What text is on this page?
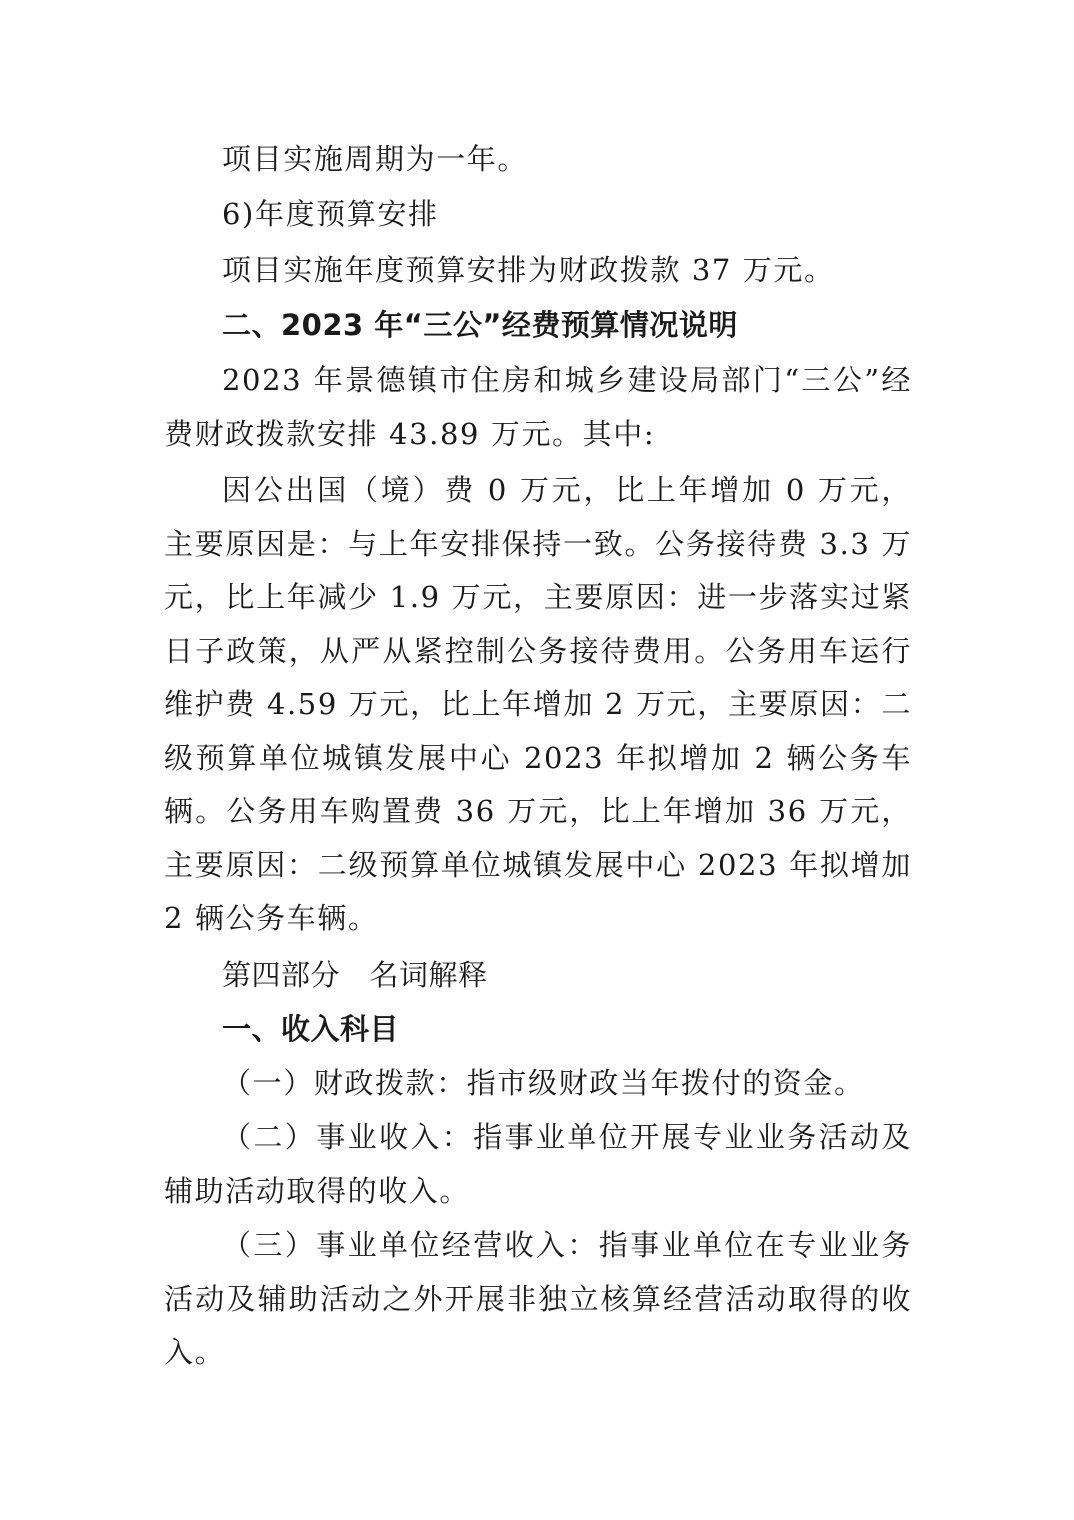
项目实施周期为一年。

6)年度预算安排

项目实施年度预算安排为财政拨款 37 万元。

二、2023 年“三公”经费预算情况说明

2023 年景德镇市住房和城乡建设局部门“三公”经费财政拨款安排 43.89 万元。其中:

因公出国（境）费 0 万元，比上年增加 0 万元，主要原因是：与上年安排保持一致。公务接待费 3.3 万元，比上年减少 1.9 万元，主要原因：进一步落实过紧日子政策，从严从紧控制公务接待费用。公务用车运行维护费 4.59 万元，比上年增加 2 万元，主要原因：二级预算单位城镇发展中心 2023 年拟增加 2 辆公务车辆。公务用车购置费 36 万元，比上年增加 36 万元，主要原因：二级预算单位城镇发展中心 2023 年拟增加 2 辆公务车辆。

第四部分　名词解释

一、收入科目

（一）财政拨款：指市级财政当年拨付的资金。

（二）事业收入：指事业单位开展专业业务活动及辅助活动取得的收入。

（三）事业单位经营收入：指事业单位在专业业务活动及辅助活动之外开展非独立核算经营活动取得的收入。
